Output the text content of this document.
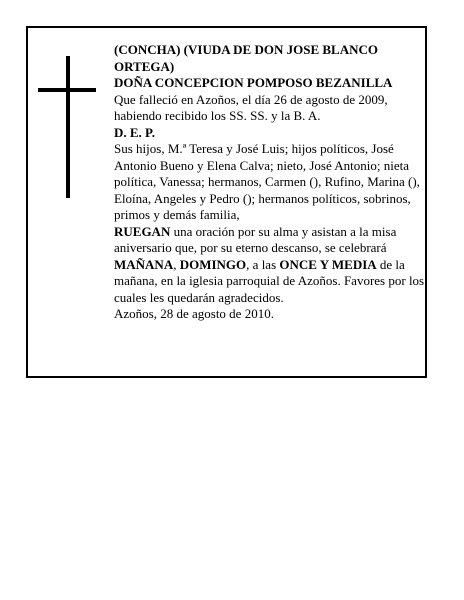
(CONCHA) (VIUDA DE DON JOSE BLANCO ORTEGA)

DOÑA CONCEPCION POMPOSO BEZANILLA

Que falleció en Azoños, el día 26 de agosto de 2009, habiendo recibido los SS. SS. y la B. A.

D. E. P.

Sus hijos, M.ª Teresa y José Luis; hijos políticos, José Antonio Bueno y Elena Calva; nieto, José Antonio; nieta política, Vanessa; hermanos, Carmen (), Rufino, Marina (), Eloína, Angeles y Pedro (); hermanos políticos, sobrinos, primos y demás familia,

RUEGAN una oración por su alma y asistan a la misa aniversario que, por su eterno descanso, se celebrará MAÑANA, DOMINGO, a las ONCE Y MEDIA de la mañana, en la iglesia parroquial de Azoños. Favores por los cuales les quedarán agradecidos.

Azoños, 28 de agosto de 2010.
